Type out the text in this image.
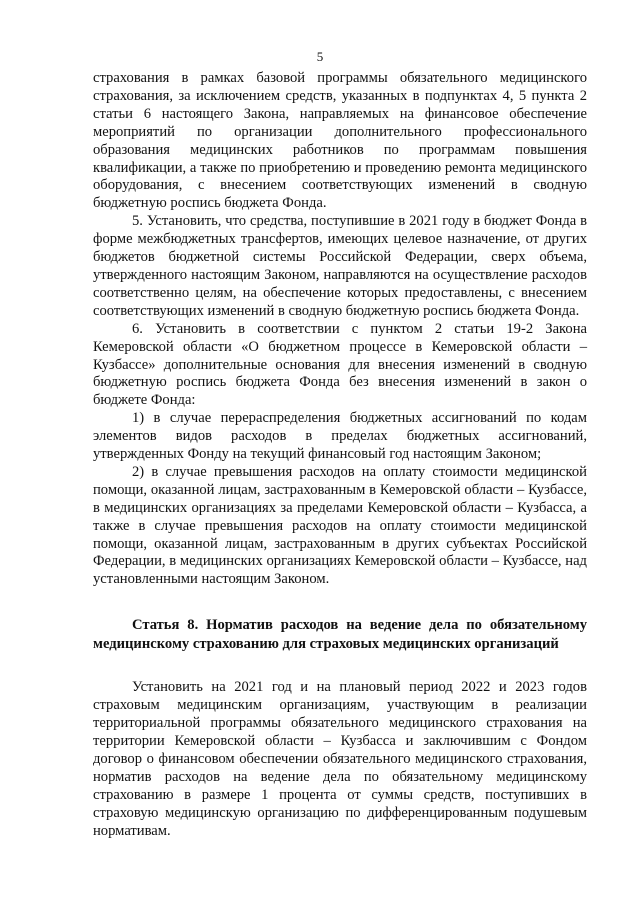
5

страхования в рамках базовой программы обязательного медицинского страхования, за исключением средств, указанных в подпунктах 4, 5 пункта 2 статьи 6 настоящего Закона, направляемых на финансовое обеспечение мероприятий по организации дополнительного профессионального образования медицинских работников по программам повышения квалификации, а также по приобретению и проведению ремонта медицинского оборудования, с внесением соответствующих изменений в сводную бюджетную роспись бюджета Фонда.

5. Установить, что средства, поступившие в 2021 году в бюджет Фонда в форме межбюджетных трансфертов, имеющих целевое назначение, от других бюджетов бюджетной системы Российской Федерации, сверх объема, утвержденного настоящим Законом, направляются на осуществление расходов соответственно целям, на обеспечение которых предоставлены, с внесением соответствующих изменений в сводную бюджетную роспись бюджета Фонда.

6. Установить в соответствии с пунктом 2 статьи 19-2 Закона Кемеровской области «О бюджетном процессе в Кемеровской области – Кузбассе» дополнительные основания для внесения изменений в сводную бюджетную роспись бюджета Фонда без внесения изменений в закон о бюджете Фонда:

1) в случае перераспределения бюджетных ассигнований по кодам элементов видов расходов в пределах бюджетных ассигнований, утвержденных Фонду на текущий финансовый год настоящим Законом;

2) в случае превышения расходов на оплату стоимости медицинской помощи, оказанной лицам, застрахованным в Кемеровской области – Кузбассе, в медицинских организациях за пределами Кемеровской области – Кузбасса, а также в случае превышения расходов на оплату стоимости медицинской помощи, оказанной лицам, застрахованным в других субъектах Российской Федерации, в медицинских организациях Кемеровской области – Кузбассе, над установленными настоящим Законом.

Статья 8. Норматив расходов на ведение дела по обязательному медицинскому страхованию для страховых медицинских организаций

Установить на 2021 год и на плановый период 2022 и 2023 годов страховым медицинским организациям, участвующим в реализации территориальной программы обязательного медицинского страхования на территории Кемеровской области – Кузбасса и заключившим с Фондом договор о финансовом обеспечении обязательного медицинского страхования, норматив расходов на ведение дела по обязательному медицинскому страхованию в размере 1 процента от суммы средств, поступивших в страховую медицинскую организацию по дифференцированным подушевым нормативам.
